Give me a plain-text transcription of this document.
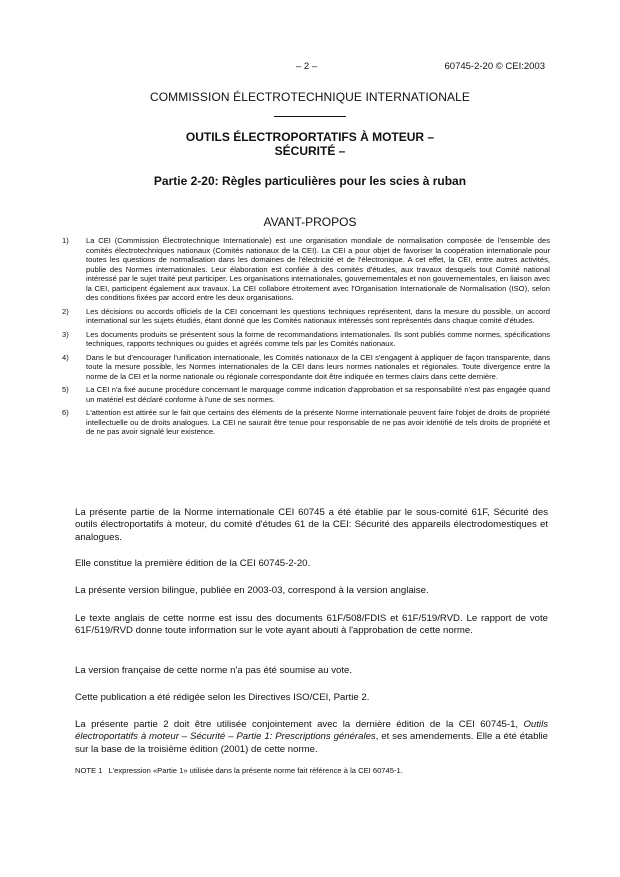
– 2 –	60745-2-20 © CEI:2003
COMMISSION ÉLECTROTECHNIQUE INTERNATIONALE
OUTILS ÉLECTROPORTATIFS À MOTEUR –
SÉCURITÉ –
Partie 2-20: Règles particulières pour les scies à ruban
AVANT-PROPOS
1) La CEI (Commission Électrotechnique Internationale) est une organisation mondiale de normalisation composée de l'ensemble des comités électrotechniques nationaux (Comités nationaux de la CEI). La CEI a pour objet de favoriser la coopération internationale pour toutes les questions de normalisation dans les domaines de l'électricité et de l'électronique. A cet effet, la CEI, entre autres activités, publie des Normes internationales. Leur élaboration est confiée à des comités d'études, aux travaux desquels tout Comité national intéressé par le sujet traité peut participer. Les organisations internationales, gouvernementales et non gouvernementales, en liaison avec la CEI, participent également aux travaux. La CEI collabore étroitement avec l'Organisation Internationale de Normalisation (ISO), selon des conditions fixées par accord entre les deux organisations.
2) Les décisions ou accords officiels de la CEI concernant les questions techniques représentent, dans la mesure du possible, un accord international sur les sujets étudiés, étant donné que les Comités nationaux intéressés sont représentés dans chaque comité d'études.
3) Les documents produits se présentent sous la forme de recommandations internationales. Ils sont publiés comme normes, spécifications techniques, rapports techniques ou guides et agréés comme tels par les Comités nationaux.
4) Dans le but d'encourager l'unification internationale, les Comités nationaux de la CEI s'engagent à appliquer de façon transparente, dans toute la mesure possible, les Normes internationales de la CEI dans leurs normes nationales et régionales. Toute divergence entre la norme de la CEI et la norme nationale ou régionale correspondante doit être indiquée en termes clairs dans cette dernière.
5) La CEI n'a fixé aucune procédure concernant le marquage comme indication d'approbation et sa responsabilité n'est pas engagée quand un matériel est déclaré conforme à l'une de ses normes.
6) L'attention est attirée sur le fait que certains des éléments de la présente Norme internationale peuvent faire l'objet de droits de propriété intellectuelle ou de droits analogues. La CEI ne saurait être tenue pour responsable de ne pas avoir identifié de tels droits de propriété et de ne pas avoir signalé leur existence.

La présente partie de la Norme internationale CEI 60745 a été établie par le sous-comité 61F, Sécurité des outils électroportatifs à moteur, du comité d'études 61 de la CEI: Sécurité des appareils électrodomestiques et analogues.

Elle constitue la première édition de la CEI 60745-2-20.

La présente version bilingue, publiée en 2003-03, correspond à la version anglaise.

Le texte anglais de cette norme est issu des documents 61F/508/FDIS et 61F/519/RVD. Le rapport de vote 61F/519/RVD donne toute information sur le vote ayant abouti à l'approbation de cette norme.

La version française de cette norme n'a pas été soumise au vote.

Cette publication a été rédigée selon les Directives ISO/CEI, Partie 2.

La présente partie 2 doit être utilisée conjointement avec la dernière édition de la CEI 60745-1, Outils électroportatifs à moteur – Sécurité – Partie 1: Prescriptions générales, et ses amendements. Elle a été établie sur la base de la troisième édition (2001) de cette norme.

NOTE 1 L'expression «Partie 1» utilisée dans la présente norme fait référence à la CEI 60745-1.
